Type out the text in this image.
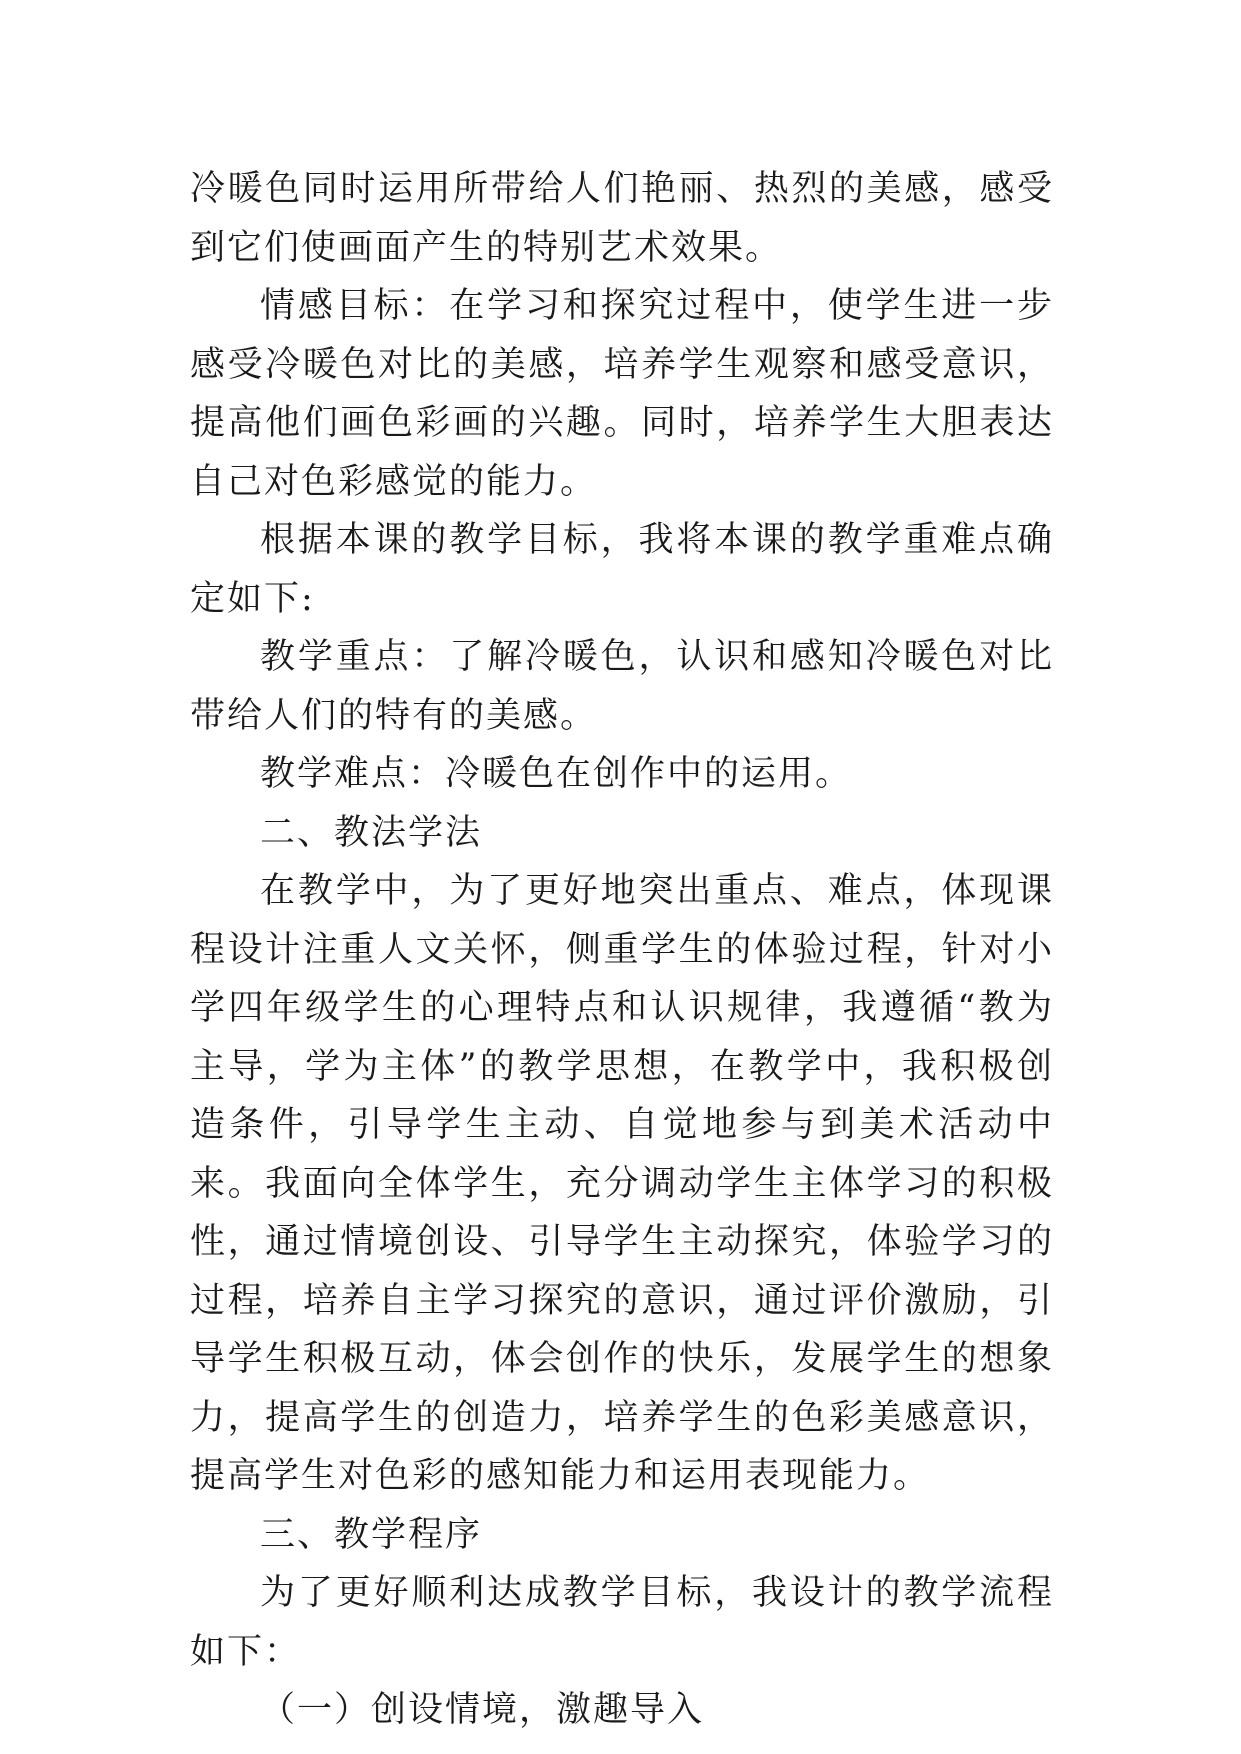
冷暖色同时运用所带给人们艳丽、热烈的美感，感受到它们使画面产生的特别艺术效果。

情感目标：在学习和探究过程中，使学生进一步感受冷暖色对比的美感，培养学生观察和感受意识，提高他们画色彩画的兴趣。同时，培养学生大胆表达自己对色彩感觉的能力。

根据本课的教学目标，我将本课的教学重难点确定如下:

教学重点：了解冷暖色，认识和感知冷暖色对比带给人们的特有的美感。

教学难点：冷暖色在创作中的运用。

二、教法学法

在教学中，为了更好地突出重点、难点，体现课程设计注重人文关怀，侧重学生的体验过程，针对小学四年级学生的心理特点和认识规律，我遵循“教为主导，学为主体”的教学思想，在教学中，我积极创造条件，引导学生主动、自觉地参与到美术活动中来。我面向全体学生，充分调动学生主体学习的积极性，通过情境创设、引导学生主动探究，体验学习的过程，培养自主学习探究的意识，通过评价激励，引导学生积极互动，体会创作的快乐，发展学生的想象力，提高学生的创造力，培养学生的色彩美感意识，提高学生对色彩的感知能力和运用表现能力。

三、教学程序

为了更好顺利达成教学目标，我设计的教学流程如下：

（一）创设情境，激趣导入
